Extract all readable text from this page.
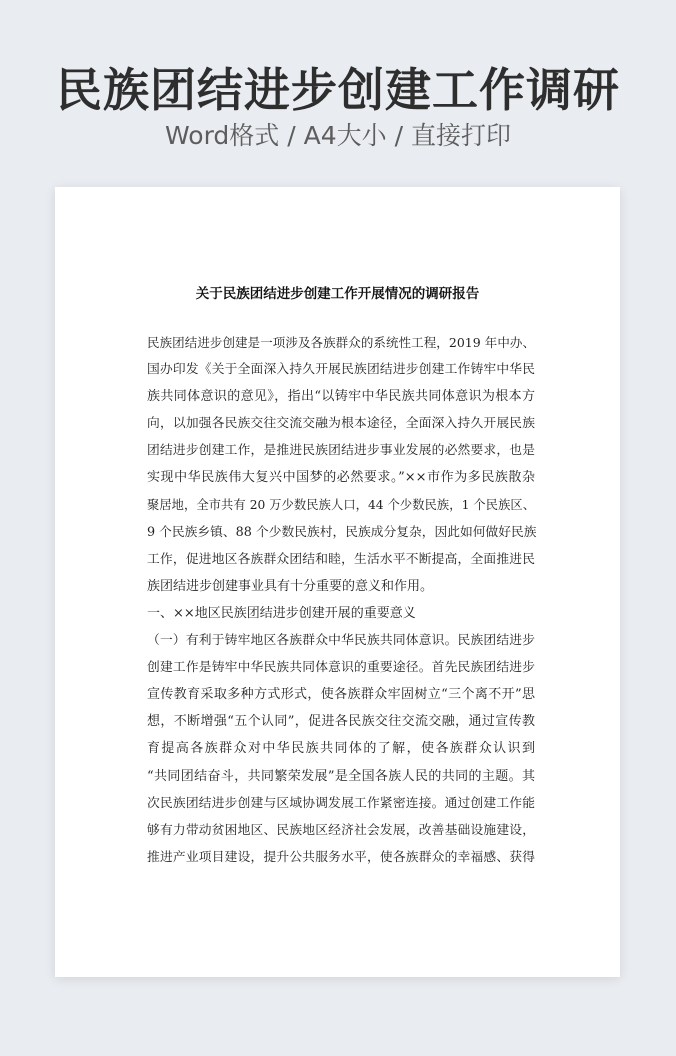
民族团结进步创建工作调研
Word格式 / A4大小 / 直接打印
关于民族团结进步创建工作开展情况的调研报告
民族团结进步创建是一项涉及各族群众的系统性工程，2019 年中办、
国办印发《关于全面深入持久开展民族团结进步创建工作铸牢中华民
族共同体意识的意见》，指出“以铸牢中华民族共同体意识为根本方
向，以加强各民族交往交流交融为根本途径，全面深入持久开展民族
团结进步创建工作，是推进民族团结进步事业发展的必然要求，也是
实现中华民族伟大复兴中国梦的必然要求。”××市作为多民族散杂
聚居地，全市共有 20 万少数民族人口，44 个少数民族，1 个民族区、
9 个民族乡镇、88 个少数民族村，民族成分复杂，因此如何做好民族
工作，促进地区各族群众团结和睦，生活水平不断提高，全面推进民
族团结进步创建事业具有十分重要的意义和作用。
一、××地区民族团结进步创建开展的重要意义
（一）有利于铸牢地区各族群众中华民族共同体意识。民族团结进步
创建工作是铸牢中华民族共同体意识的重要途径。首先民族团结进步
宣传教育采取多种方式形式，使各族群众牢固树立“三个离不开”思
想，不断增强“五个认同”，促进各民族交往交流交融，通过宣传教
育提高各族群众对中华民族共同体的了解，使各族群众认识到
“共同团结奋斗，共同繁荣发展”是全国各族人民的共同的主题。其
次民族团结进步创建与区域协调发展工作紧密连接。通过创建工作能
够有力带动贫困地区、民族地区经济社会发展，改善基础设施建设，
推进产业项目建设，提升公共服务水平，使各族群众的幸福感、获得
